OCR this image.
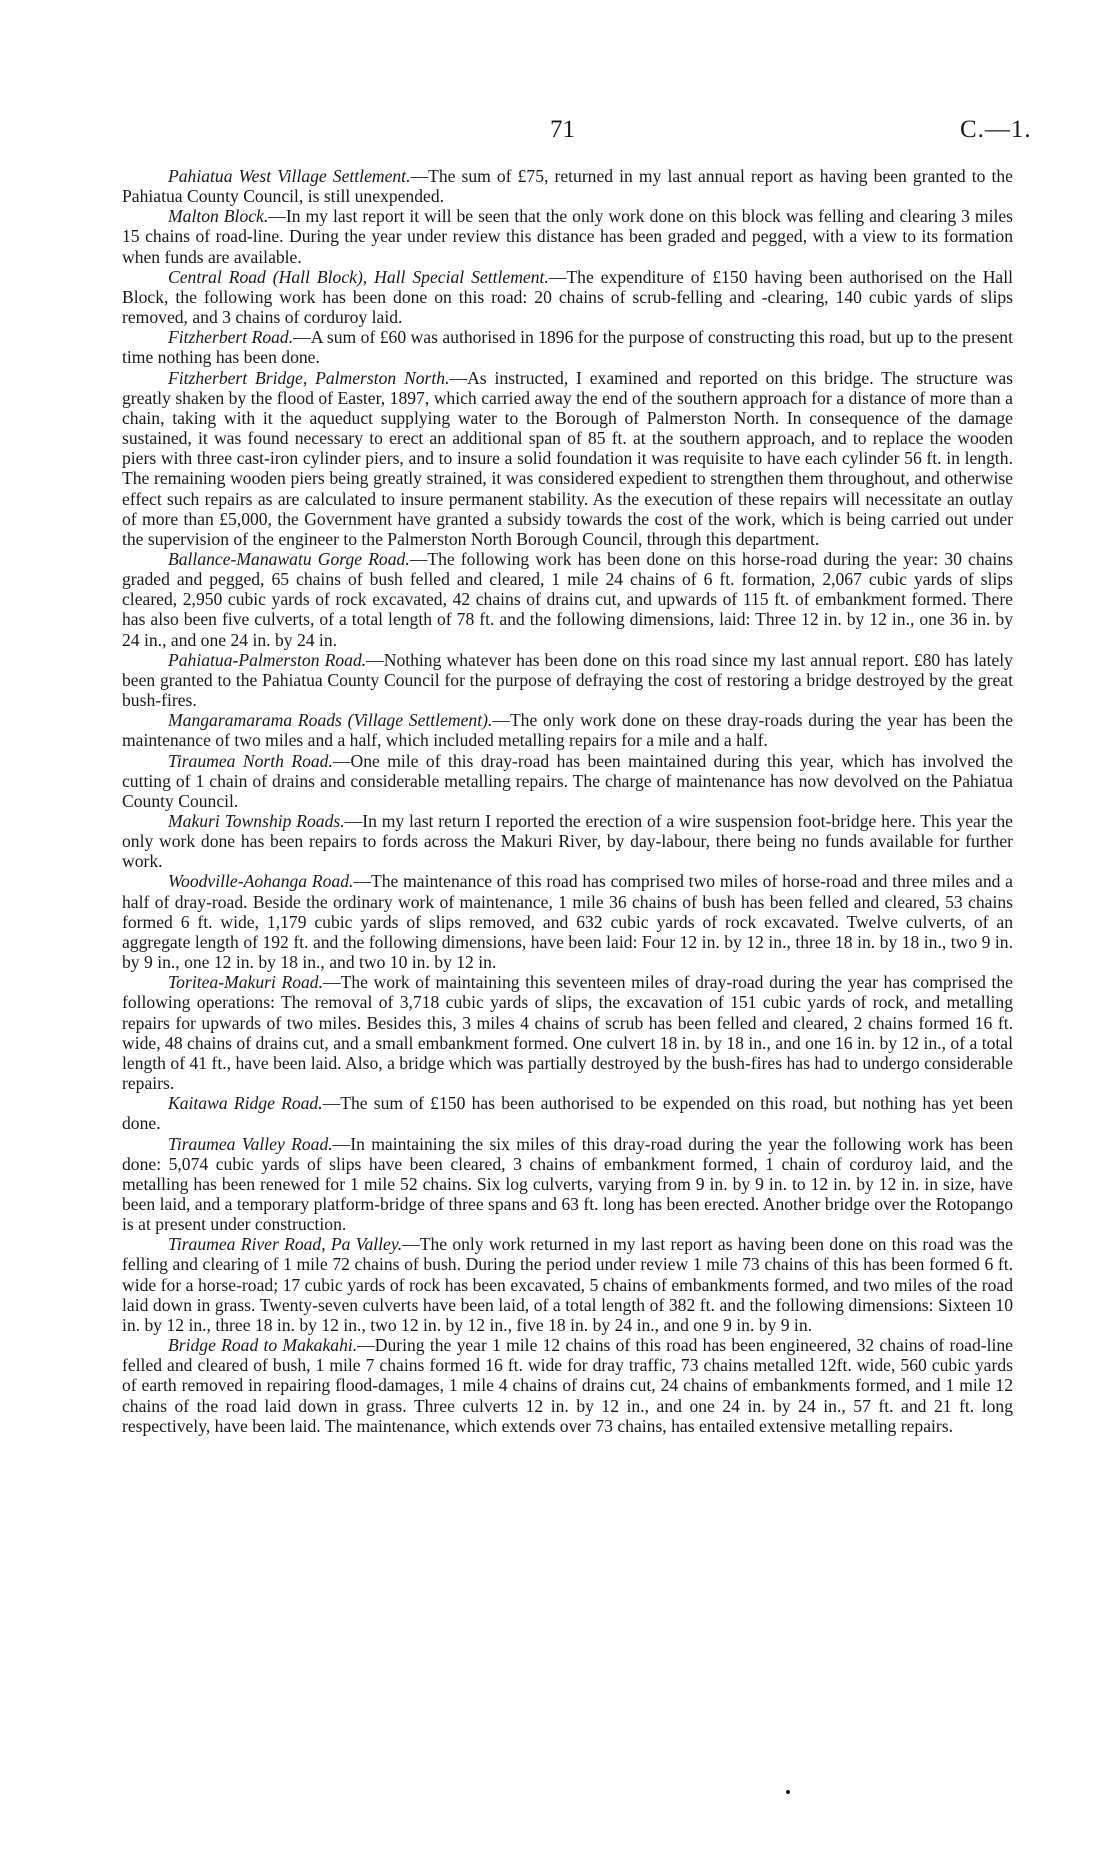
71	C.—1.

Pahiatua West Village Settlement.—The sum of £75, returned in my last annual report as having been granted to the Pahiatua County Council, is still unexpended.

Malton Block.—In my last report it will be seen that the only work done on this block was felling and clearing 3 miles 15 chains of road-line. During the year under review this distance has been graded and pegged, with a view to its formation when funds are available.

Central Road (Hall Block), Hall Special Settlement.—The expenditure of £150 having been authorised on the Hall Block, the following work has been done on this road: 20 chains of scrub-felling and -clearing, 140 cubic yards of slips removed, and 3 chains of corduroy laid.

Fitzherbert Road.—A sum of £60 was authorised in 1896 for the purpose of constructing this road, but up to the present time nothing has been done.

Fitzherbert Bridge, Palmerston North.—As instructed, I examined and reported on this bridge. The structure was greatly shaken by the flood of Easter, 1897, which carried away the end of the southern approach for a distance of more than a chain, taking with it the aqueduct supplying water to the Borough of Palmerston North. In consequence of the damage sustained, it was found necessary to erect an additional span of 85 ft. at the southern approach, and to replace the wooden piers with three cast-iron cylinder piers, and to insure a solid foundation it was requisite to have each cylinder 56 ft. in length. The remaining wooden piers being greatly strained, it was considered expedient to strengthen them throughout, and otherwise effect such repairs as are calculated to insure permanent stability. As the execution of these repairs will necessitate an outlay of more than £5,000, the Government have granted a subsidy towards the cost of the work, which is being carried out under the supervision of the engineer to the Palmerston North Borough Council, through this department.

Ballance-Manawatu Gorge Road.—The following work has been done on this horse-road during the year: 30 chains graded and pegged, 65 chains of bush felled and cleared, 1 mile 24 chains of 6 ft. formation, 2,067 cubic yards of slips cleared, 2,950 cubic yards of rock excavated, 42 chains of drains cut, and upwards of 115 ft. of embankment formed. There has also been five culverts, of a total length of 78 ft. and the following dimensions, laid: Three 12 in. by 12 in., one 36 in. by 24 in., and one 24 in. by 24 in.

Pahiatua-Palmerston Road.—Nothing whatever has been done on this road since my last annual report. £80 has lately been granted to the Pahiatua County Council for the purpose of defraying the cost of restoring a bridge destroyed by the great bush-fires.

Mangaramarama Roads (Village Settlement).—The only work done on these dray-roads during the year has been the maintenance of two miles and a half, which included metalling repairs for a mile and a half.

Tiraumea North Road.—One mile of this dray-road has been maintained during this year, which has involved the cutting of 1 chain of drains and considerable metalling repairs. The charge of maintenance has now devolved on the Pahiatua County Council.

Makuri Township Roads.—In my last return I reported the erection of a wire suspension foot-bridge here. This year the only work done has been repairs to fords across the Makuri River, by day-labour, there being no funds available for further work.

Woodville-Aohanga Road.—The maintenance of this road has comprised two miles of horse-road and three miles and a half of dray-road. Beside the ordinary work of maintenance, 1 mile 36 chains of bush has been felled and cleared, 53 chains formed 6 ft. wide, 1,179 cubic yards of slips removed, and 632 cubic yards of rock excavated. Twelve culverts, of an aggregate length of 192 ft. and the following dimensions, have been laid: Four 12 in. by 12 in., three 18 in. by 18 in., two 9 in. by 9 in., one 12 in. by 18 in., and two 10 in. by 12 in.

Toritea-Makuri Road.—The work of maintaining this seventeen miles of dray-road during the year has comprised the following operations: The removal of 3,718 cubic yards of slips, the excavation of 151 cubic yards of rock, and metalling repairs for upwards of two miles. Besides this, 3 miles 4 chains of scrub has been felled and cleared, 2 chains formed 16 ft. wide, 48 chains of drains cut, and a small embankment formed. One culvert 18 in. by 18 in., and one 16 in. by 12 in., of a total length of 41 ft., have been laid. Also, a bridge which was partially destroyed by the bush-fires has had to undergo considerable repairs.

Kaitawa Ridge Road.—The sum of £150 has been authorised to be expended on this road, but nothing has yet been done.

Tiraumea Valley Road.—In maintaining the six miles of this dray-road during the year the following work has been done: 5,074 cubic yards of slips have been cleared, 3 chains of embankment formed, 1 chain of corduroy laid, and the metalling has been renewed for 1 mile 52 chains. Six log culverts, varying from 9 in. by 9 in. to 12 in. by 12 in. in size, have been laid, and a temporary platform-bridge of three spans and 63 ft. long has been erected. Another bridge over the Rotopango is at present under construction.

Tiraumea River Road, Pa Valley.—The only work returned in my last report as having been done on this road was the felling and clearing of 1 mile 72 chains of bush. During the period under review 1 mile 73 chains of this has been formed 6 ft. wide for a horse-road; 17 cubic yards of rock has been excavated, 5 chains of embankments formed, and two miles of the road laid down in grass. Twenty-seven culverts have been laid, of a total length of 382 ft. and the following dimensions: Sixteen 10 in. by 12 in., three 18 in. by 12 in., two 12 in. by 12 in., five 18 in. by 24 in., and one 9 in. by 9 in.

Bridge Road to Makakahi.—During the year 1 mile 12 chains of this road has been engineered, 32 chains of road-line felled and cleared of bush, 1 mile 7 chains formed 16 ft. wide for dray traffic, 73 chains metalled 12ft. wide, 560 cubic yards of earth removed in repairing flood-damages, 1 mile 4 chains of drains cut, 24 chains of embankments formed, and 1 mile 12 chains of the road laid down in grass. Three culverts 12 in. by 12 in., and one 24 in. by 24 in., 57 ft. and 21 ft. long respectively, have been laid. The maintenance, which extends over 73 chains, has entailed extensive metalling repairs.
